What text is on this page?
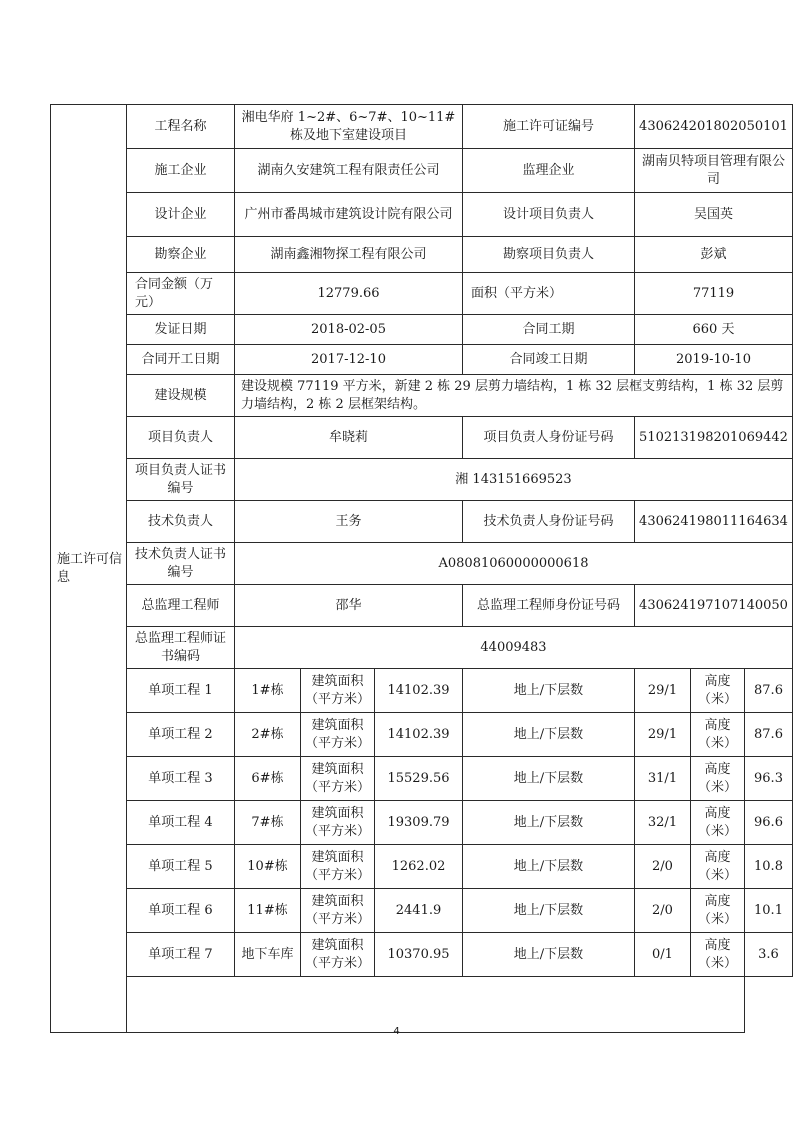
施工许可信息	工程名称	湘电华府 1~2#、6~7#、10~11#栋及地下室建设项目			施工许可证编号	430624201802050101		
	施工企业	湖南久安建筑工程有限责任公司			监理企业	湖南贝特项目管理有限公司		
	设计企业	广州市番禺城市建筑设计院有限公司			设计项目负责人	吴国英		
	勘察企业	湖南鑫湘物探工程有限公司			勘察项目负责人	彭斌		
	合同金额（万元）	12779.66			面积（平方米）	77119		
	发证日期	2018-02-05			合同工期	660 天		
	合同开工日期	2017-12-10			合同竣工日期	2019-10-10		
	建设规模	建设规模 77119 平方米，新建 2 栋 29 层剪力墙结构，1 栋 32 层框支剪结构，1 栋 32 层剪力墙结构，2 栋 2 层框架结构。						
	项目负责人	牟晓莉			项目负责人身份证号码	510213198201069442		
	项目负责人证书编号	湘 143151669523						
	技术负责人	王务			技术负责人身份证号码	430624198011164634		
	技术负责人证书编号	A08081060000000618						
	总监理工程师	邵华			总监理工程师身份证号码	430624197107140050		
	总监理工程师证书编码	44009483						
	单项工程 1	1#栋	建筑面积（平方米）	14102.39	地上/下层数	29/1	高度（米）	87.6
	单项工程 2	2#栋	建筑面积（平方米）	14102.39	地上/下层数	29/1	高度（米）	87.6
	单项工程 3	6#栋	建筑面积（平方米）	15529.56	地上/下层数	31/1	高度（米）	96.3
	单项工程 4	7#栋	建筑面积（平方米）	19309.79	地上/下层数	32/1	高度（米）	96.6
	单项工程 5	10#栋	建筑面积（平方米）	1262.02	地上/下层数	2/0	高度（米）	10.8
	单项工程 6	11#栋	建筑面积（平方米）	2441.9	地上/下层数	2/0	高度（米）	10.1
	单项工程 7	地下车库	建筑面积（平方米）	10370.95	地上/下层数	0/1	高度（米）	3.6

4
